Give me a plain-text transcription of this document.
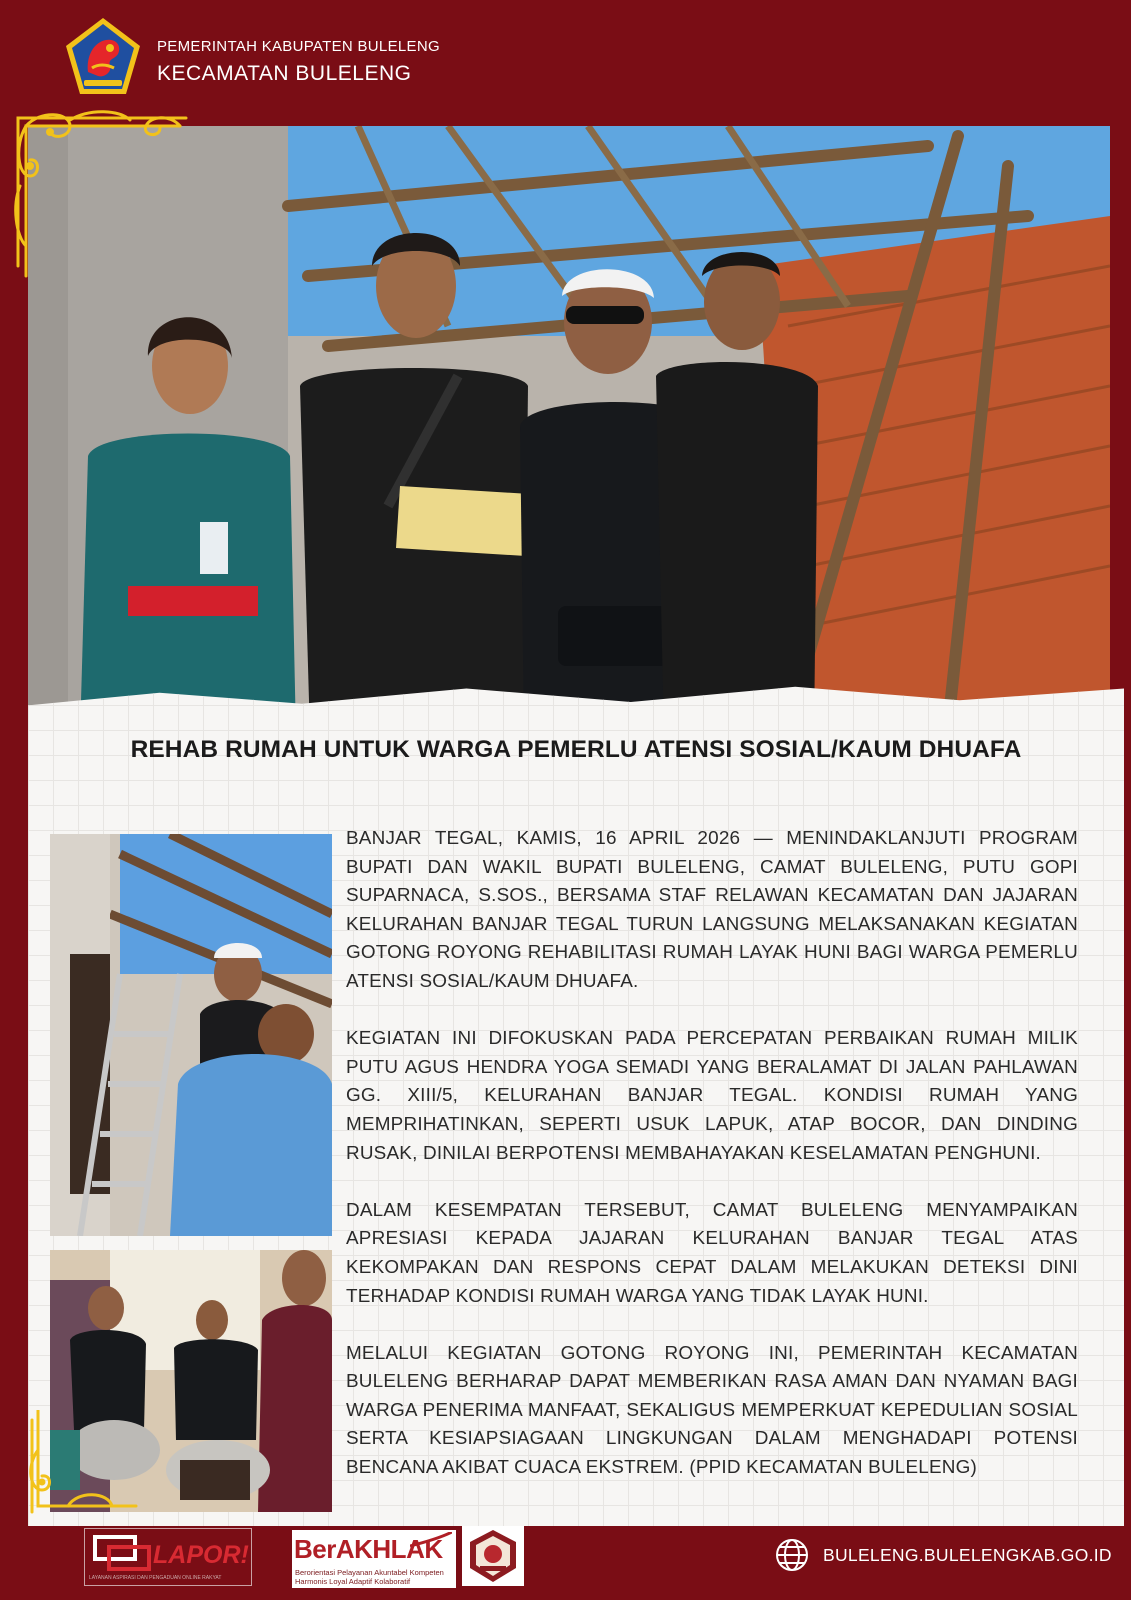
PEMERINTAH KABUPATEN BULELENG
KECAMATAN BULELENG
REHAB RUMAH UNTUK WARGA PEMERLU ATENSI SOSIAL/KAUM DHUAFA

BANJAR TEGAL, KAMIS, 16 APRIL 2026 — MENINDAKLANJUTI PROGRAM BUPATI DAN WAKIL BUPATI BULELENG, CAMAT BULELENG, PUTU GOPI SUPARNACA, S.SOS., BERSAMA STAF RELAWAN KECAMATAN DAN JAJARAN KELURAHAN BANJAR TEGAL TURUN LANGSUNG MELAKSANAKAN KEGIATAN GOTONG ROYONG REHABILITASI RUMAH LAYAK HUNI BAGI WARGA PEMERLU ATENSI SOSIAL/KAUM DHUAFA.

KEGIATAN INI DIFOKUSKAN PADA PERCEPATAN PERBAIKAN RUMAH MILIK PUTU AGUS HENDRA YOGA SEMADI YANG BERALAMAT DI JALAN PAHLAWAN GG. XIII/5, KELURAHAN BANJAR TEGAL. KONDISI RUMAH YANG MEMPRIHATINKAN, SEPERTI USUK LAPUK, ATAP BOCOR, DAN DINDING RUSAK, DINILAI BERPOTENSI MEMBAHAYAKAN KESELAMATAN PENGHUNI.

DALAM KESEMPATAN TERSEBUT, CAMAT BULELENG MENYAMPAIKAN APRESIASI KEPADA JAJARAN KELURAHAN BANJAR TEGAL ATAS KEKOMPAKAN DAN RESPONS CEPAT DALAM MELAKUKAN DETEKSI DINI TERHADAP KONDISI RUMAH WARGA YANG TIDAK LAYAK HUNI.

MELALUI KEGIATAN GOTONG ROYONG INI, PEMERINTAH KECAMATAN BULELENG BERHARAP DAPAT MEMBERIKAN RASA AMAN DAN NYAMAN BAGI WARGA PENERIMA MANFAAT, SEKALIGUS MEMPERKUAT KEPEDULIAN SOSIAL SERTA KESIAPSIAGAAN LINGKUNGAN DALAM MENGHADAPI POTENSI BENCANA AKIBAT CUACA EKSTREM. (PPID KECAMATAN BULELENG)

LAPOR!
LAYANAN ASPIRASI DAN PENGADUAN ONLINE RAKYAT
BerAKHLAK
Berorientasi Pelayanan Akuntabel Kompeten Harmonis Loyal Adaptif Kolaboratif
BULELENG.BULELENGKAB.GO.ID
